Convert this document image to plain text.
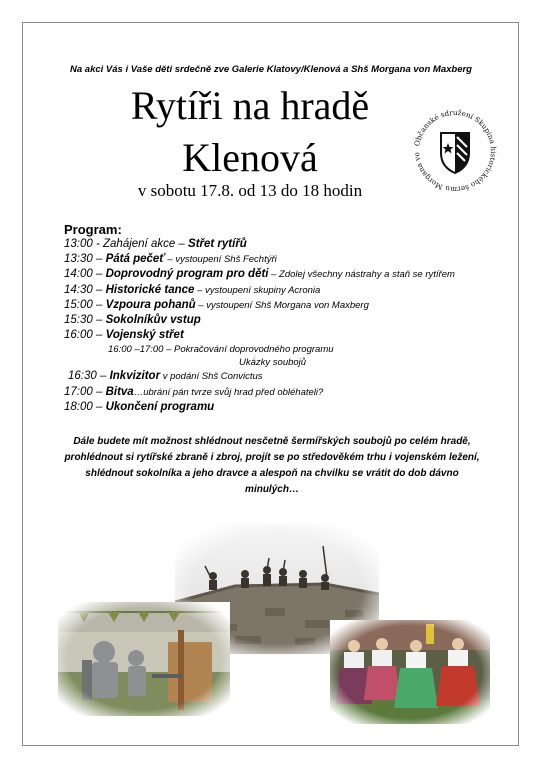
Na akci Vás i Vaše děti srdečně zve Galerie Klatovy/Klenová a Shš Morgana von Maxberg
Rytíři na hradě
Klenová
v sobotu 17.8. od 13 do 18 hodin
Občanské sdružení Skupina historického šermu Morgana vo
Program:
13:00 - Zahájení akce – Střet rytířů
13:30 – Pátá pečeť – vystoupení Shš Fechtýři
14:00 – Doprovodný program pro děti – Zdolej všechny nástrahy a staň se rytířem
14:30 – Historické tance – vystoupení skupiny Acronia
15:00 – Vzpoura pohanů – vystoupení Shš Morgana von Maxberg
15:30 – Sokolníkův vstup
16:00 – Vojenský střet
16:00 –17:00 – Pokračování doprovodného programu
Ukázky soubojů
16:30 – Inkvizitor v podání Shš Convictus
17:00 – Bitva…ubrání pán tvrze svůj hrad před obléhateli?
18:00 – Ukončení programu
Dále budete mít možnost shlédnout nesčetně šermířských soubojů po celém hradě, prohlédnout si rytířské zbraně i zbroj, projít se po středověkém trhu i vojenském ležení, shlédnout sokolníka a jeho dravce a alespoň na chvilku se vrátit do dob dávno minulých…
